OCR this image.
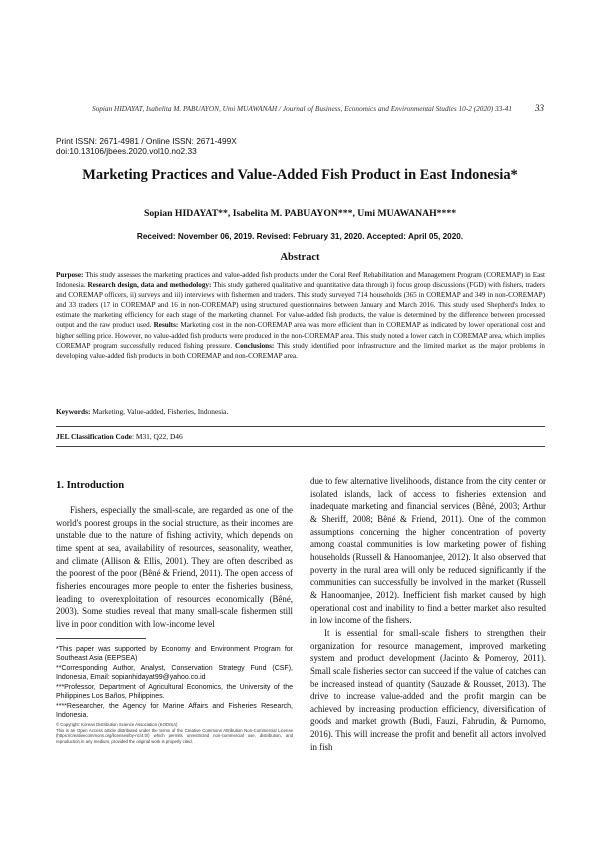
Sopian HIDAYAT, Isabelita M. PABUAYON, Umi MUAWANAH / Journal of Business, Economics and Environmental Studies 10-2 (2020) 33-41	33
Print ISSN: 2671-4981 / Online ISSN: 2671-499X
doi:10.13106/jbees.2020.vol10.no2.33
Marketing Practices and Value-Added Fish Product in East Indonesia*
Sopian HIDAYAT**, Isabelita M. PABUAYON***, Umi MUAWANAH****
Received: November 06, 2019. Revised: February 31, 2020. Accepted: April 05, 2020.
Abstract
Purpose: This study assesses the marketing practices and value-added fish products under the Coral Reef Rehabilitation and Management Program (COREMAP) in East Indonesia. Research design, data and methodology: This study gathered qualitative and quantitative data through i) focus group discussions (FGD) with fishers, traders and COREMAP officers, ii) surveys and iii) interviews with fishermen and traders. This study surveyed 714 households (365 in COREMAP and 349 in non-COREMAP) and 33 traders (17 in COREMAP and 16 in non-COREMAP) using structured questionnaires between January and March 2016. This study used Shepherd's Index to estimate the marketing efficiency for each stage of the marketing channel. For value-added fish products, the value is determined by the difference between processed output and the raw product used. Results: Marketing cost in the non-COREMAP area was more efficient than in COREMAP as indicated by lower operational cost and higher selling price. However, no value-added fish products were produced in the non-COREMAP area. This study noted a lower catch in COREMAP area, which implies COREMAP program successfully reduced fishing pressure. Conclusions: This study identified poor infrastructure and the limited market as the major problems in developing value-added fish products in both COREMAP and non-COREMAP area.
Keywords: Marketing, Value-added, Fisheries, Indonesia.
JEL Classification Code: M31, Q22, D46
1. Introduction

Fishers, especially the small-scale, are regarded as one of the world's poorest groups in the social structure, as their incomes are unstable due to the nature of fishing activity, which depends on time spent at sea, availability of resources, seasonality, weather, and climate (Allison & Ellis, 2001). They are often described as the poorest of the poor (Bêné & Friend, 2011). The open access of fisheries encourages more people to enter the fisheries business, leading to overexploitation of resources economically (Bêné, 2003). Some studies reveal that many small-scale fishermen still live in poor condition with low-income level

due to few alternative livelihoods, distance from the city center or isolated islands, lack of access to fisheries extension and inadequate marketing and financial services (Bêné, 2003; Arthur & Sheriff, 2008; Bêné & Friend, 2011). One of the common assumptions concerning the higher concentration of poverty among coastal communities is low marketing power of fishing households (Russell & Hanoomanjee, 2012). It also observed that poverty in the rural area will only be reduced significantly if the communities can successfully be involved in the market (Russell & Hanoomanjee, 2012). Inefficient fish market caused by high operational cost and inability to find a better market also resulted in low income of the fishers.

It is essential for small-scale fishers to strengthen their organization for resource management, improved marketing system and product development (Jacinto & Pomeroy, 2011). Small scale fisheries sector can succeed if the value of catches can be increased instead of quantity (Sauzade & Rousset, 2013). The drive to increase value-added and the profit margin can be achieved by increasing production efficiency, diversification of goods and market growth (Budi, Fauzi, Fahrudin, & Purnomo, 2016). This will increase the profit and benefit all actors involved in fish

*This paper was supported by Economy and Environment Program for Southeast Asia (EEPSEA)
**Corresponding Author, Analyst, Conservation Strategy Fund (CSF), Indonesia, Email: sopianhidayat99@yahoo.co.id
***Professor, Department of Agricultural Economics, the University of the Philippines Los Baños, Philippines.
****Researcher, the Agency for Marine Affairs and Fisheries Research, Indonesia.
© Copyright: Korean Distribution Science Association (KODISA)
This is an Open Access article distributed under the terms of the Creative Commons Attribution Non-Commercial License (https://creativecommons.org/licenses/by-nc/4.0/) which permits unrestricted non-commercial use, distribution, and reproduction in any medium, provided the original work is properly cited.
